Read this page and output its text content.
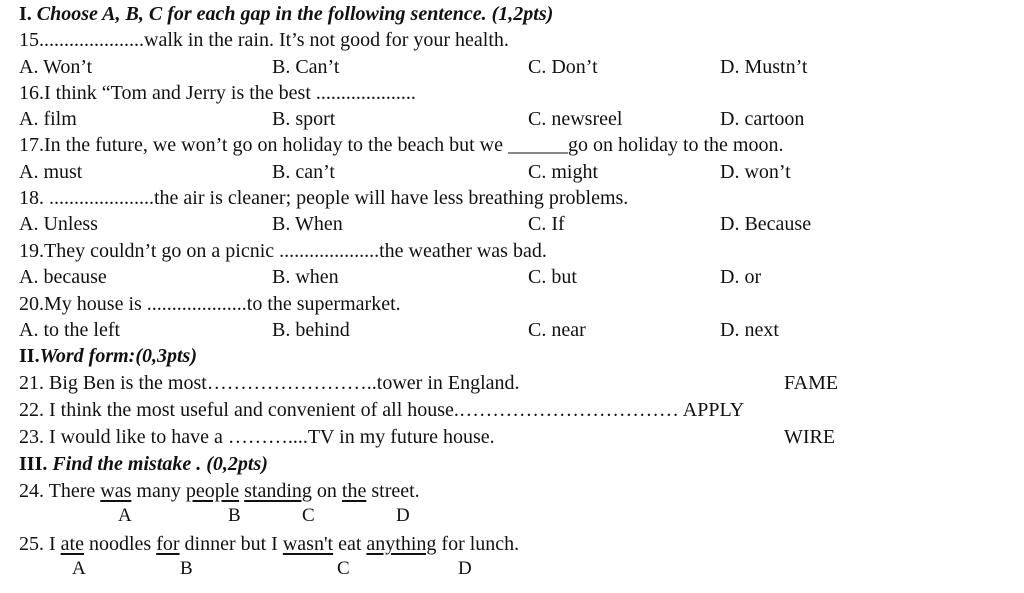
I. Choose A, B, C for each gap in the following sentence. (1,2pts)
15.....................walk in the rain. It’s not good for your health.
A. Won’t	B. Can’t	C. Don’t	D. Mustn’t
16.I think “Tom and Jerry is the best ....................
A. film	B. sport	C. newsreel	D. cartoon
17.In the future, we won’t go on holiday to the beach but we ______go on holiday to the moon.
A. must	B. can’t	C. might	D. won’t
18. .....................the air is cleaner; people will have less breathing problems.
A. Unless	B. When	C. If	D. Because
19.They couldn’t go on a picnic ....................the weather was bad.
A. because	B. when	C. but	D. or
20.My house is ....................to the supermarket.
A. to the left	B. behind	C. near	D. next
II.Word form:(0,3pts)
21. Big Ben is the most……………………..tower in England.	FAME
22. I think the most useful and convenient of all house.…………………………… APPLY
23. I would like to have a ………....TV in my future house.	WIRE
III. Find the mistake . (0,2pts)
24. There was many people standing on the street.
A	B	C	D
25. I ate noodles for dinner but I wasn't eat anything for lunch.
A	B	C	D
